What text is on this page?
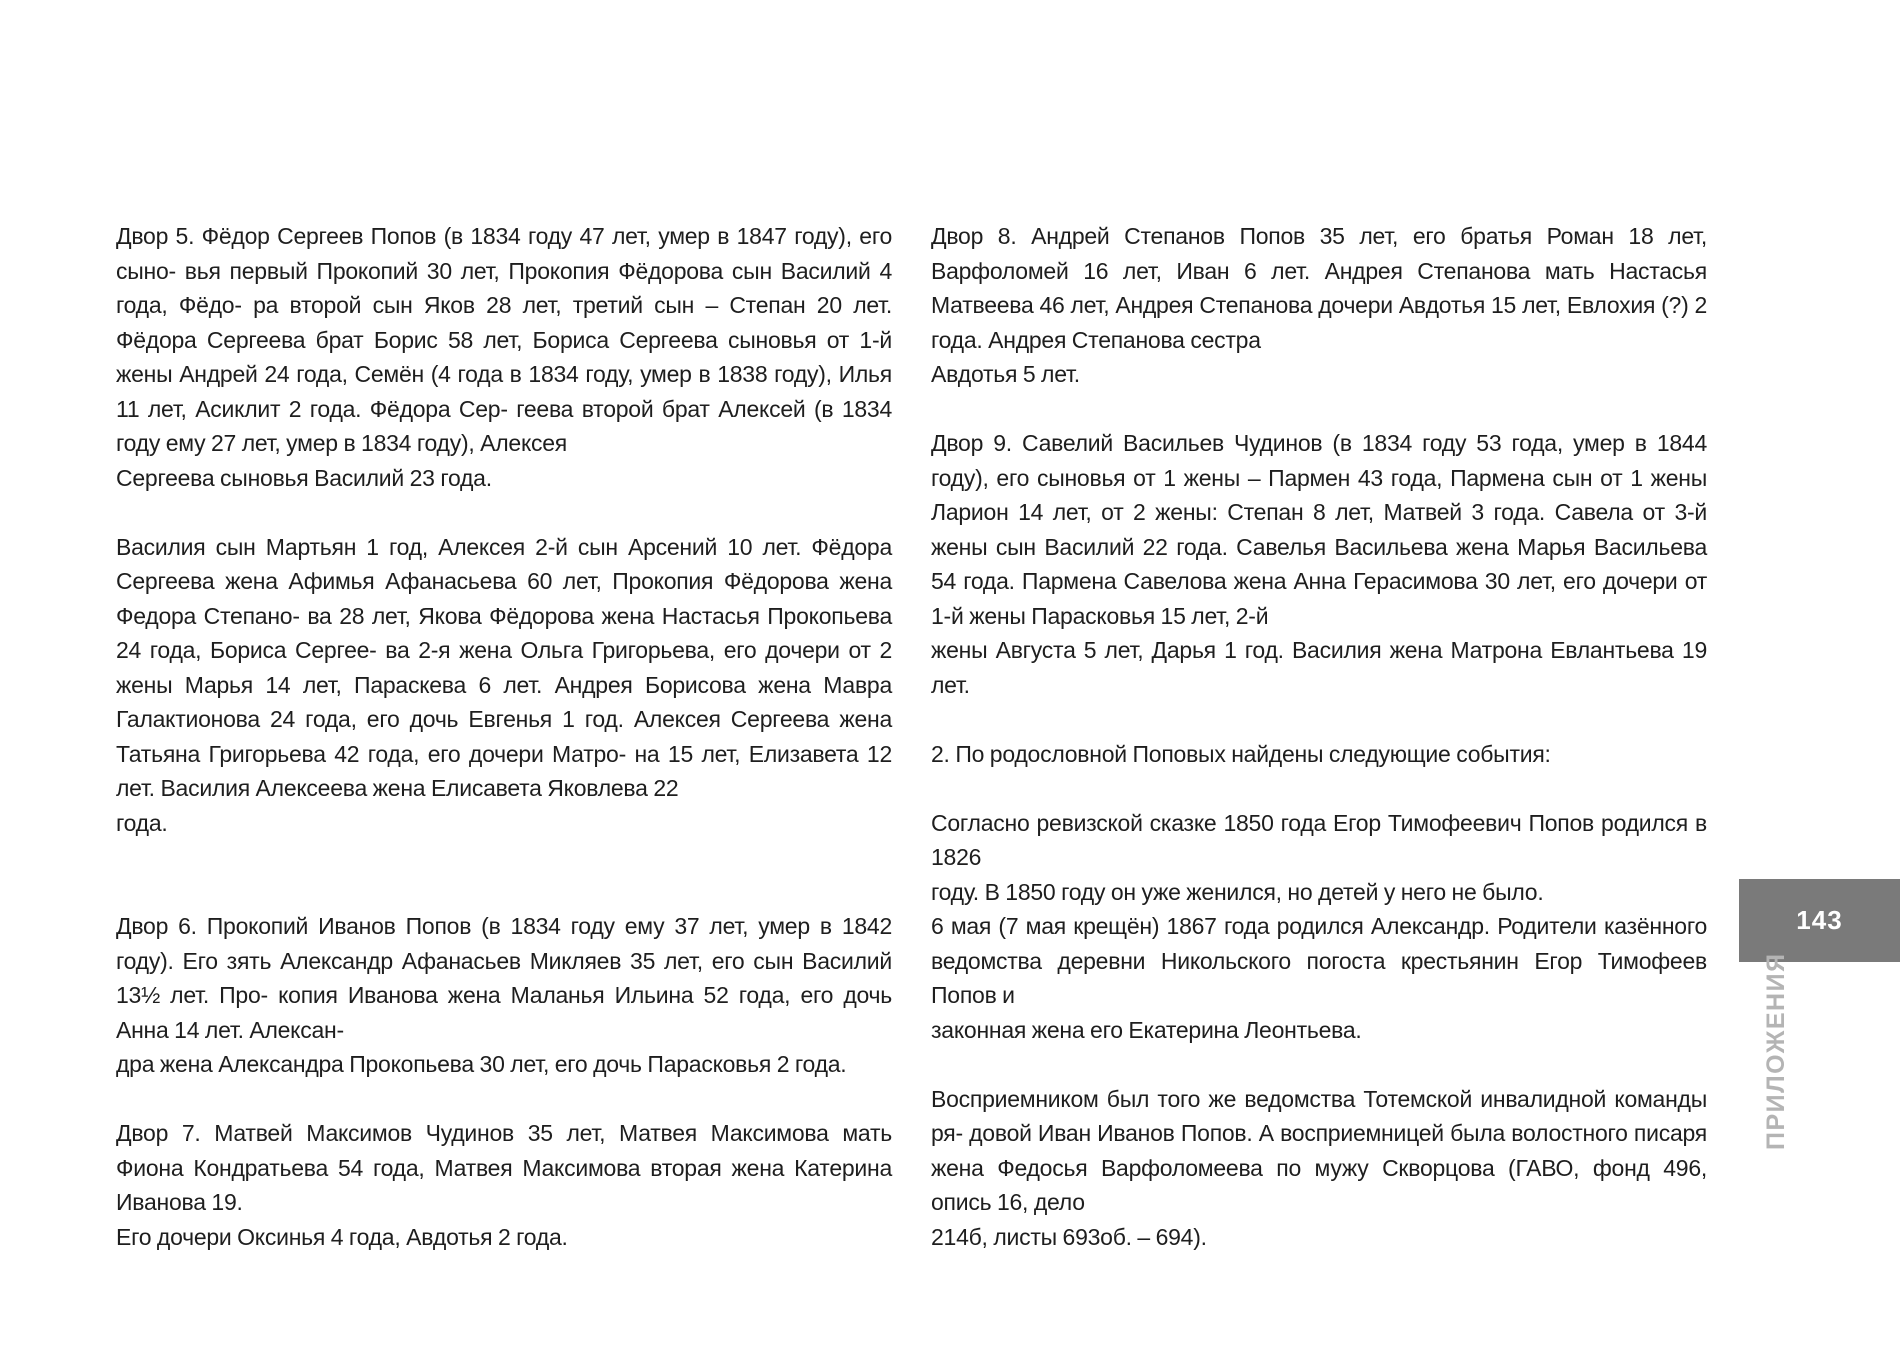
Двор 5. Фёдор Сергеев Попов (в 1834 году 47 лет, умер в 1847 году), его сыно- вья первый Прокопий 30 лет, Прокопия Фёдорова сын Василий 4 года, Фёдо- ра второй сын Яков 28 лет, третий сын – Степан 20 лет. Фёдора Сергеева брат Борис 58 лет, Бориса Сергеева сыновья от 1-й жены Андрей 24 года, Семён (4 года в 1834 году, умер в 1838 году), Илья 11 лет, Асиклит 2 года. Фёдора Сер- геева второй брат Алексей (в 1834 году ему 27 лет, умер в 1834 году), Алексея
Сергеева сыновья Василий 23 года.
Василия сын Мартьян 1 год, Алексея 2-й сын Арсений 10 лет. Фёдора Сергеева жена Афимья Афанасьева 60 лет, Прокопия Фёдорова жена Федора Степано- ва 28 лет, Якова Фёдорова жена Настасья Прокопьева 24 года, Бориса Сергее- ва 2-я жена Ольга Григорьева, его дочери от 2 жены Марья 14 лет, Параскева 6 лет. Андрея Борисова жена Мавра Галактионова 24 года, его дочь Евгенья 1 год. Алексея Сергеева жена Татьяна Григорьева 42 года, его дочери Матро- на 15 лет, Елизавета 12 лет. Василия Алексеева жена Елисавета Яковлева 22
года.
Двор 6. Прокопий Иванов Попов (в 1834 году ему 37 лет, умер в 1842 году). Его зять Александр Афанасьев Микляев 35 лет, его сын Василий 13½ лет. Про- копия Иванова жена Маланья Ильина 52 года, его дочь Анна 14 лет. Алексан-
дра жена Александра Прокопьева 30 лет, его дочь Парасковья 2 года.
Двор 7. Матвей Максимов Чудинов 35 лет, Матвея Максимова мать Фиона Кондратьева 54 года, Матвея Максимова вторая жена Катерина Иванова 19.
Его дочери Оксинья 4 года, Авдотья 2 года.
Двор 8. Андрей Степанов Попов 35 лет, его братья Роман 18 лет, Варфоломей 16 лет, Иван 6 лет. Андрея Степанова мать Настасья Матвеева 46 лет, Андрея Степанова дочери Авдотья 15 лет, Евлохия (?) 2 года. Андрея Степанова сестра
Авдотья 5 лет.
Двор 9. Савелий Васильев Чудинов (в 1834 году 53 года, умер в 1844 году), его сыновья от 1 жены – Пармен 43 года, Пармена сын от 1 жены Ларион 14 лет, от 2 жены: Степан 8 лет, Матвей 3 года. Савела от 3-й жены сын Василий 22 года. Савелья Васильева жена Марья Васильева 54 года. Пармена Савелова жена Анна Герасимова 30 лет, его дочери от 1-й жены Парасковья 15 лет, 2-й
жены Августа 5 лет, Дарья 1 год. Василия жена Матрона Евлантьева 19 лет.
2. По родословной Поповых найдены следующие события:
Согласно ревизской сказке 1850 года Егор Тимофеевич Попов родился в 1826
году. В 1850 году он уже женился, но детей у него не было.
6 мая (7 мая крещён) 1867 года родился Александр. Родители казённого ведомства деревни Никольского погоста крестьянин Егор Тимофеев Попов и
законная жена его Екатерина Леонтьева.
Восприемником был того же ведомства Тотемской инвалидной команды ря- довой Иван Иванов Попов. А восприемницей была волостного писаря жена Федосья Варфоломеева по мужу Скворцова (ГАВО, фонд 496, опись 16, дело
214б, листы 693об. – 694).
143
ПРИЛОЖЕНИЯ
